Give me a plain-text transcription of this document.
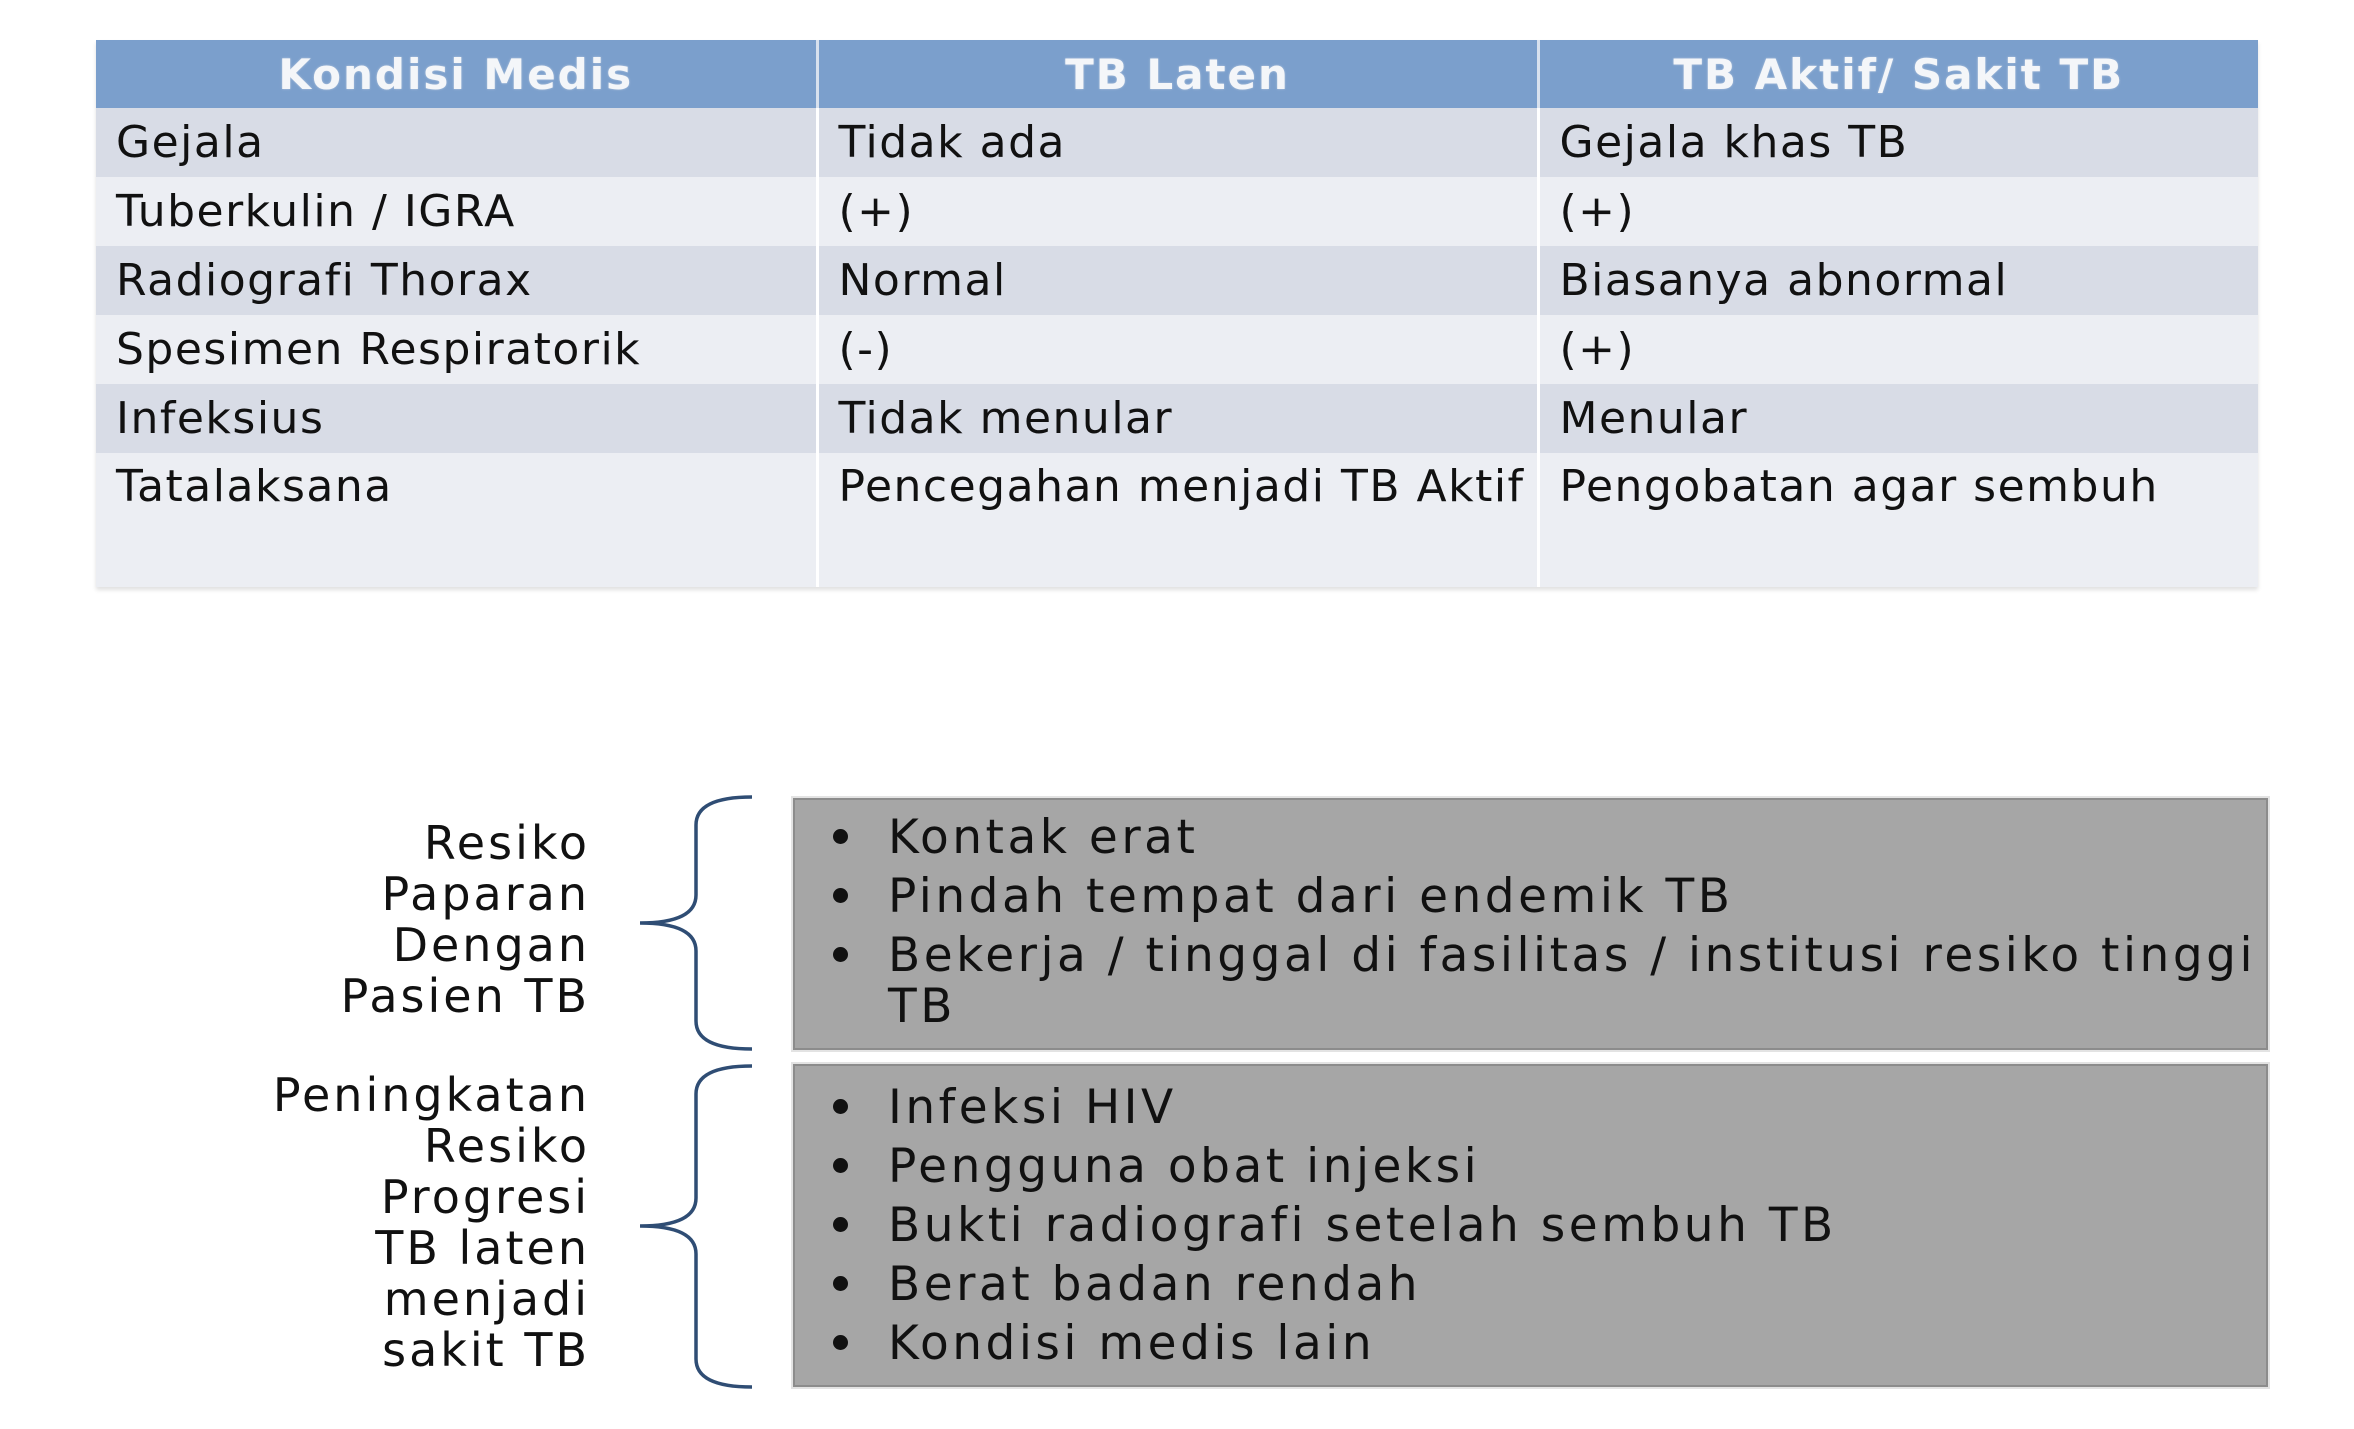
Kondisi Medis	TB Laten	TB Aktif/ Sakit TB
Gejala	Tidak ada	Gejala khas TB
Tuberkulin / IGRA	(+)	(+)
Radiografi Thorax	Normal	Biasanya abnormal
Spesimen Respiratorik	(-)	(+)
Infeksius	Tidak menular	Menular
Tatalaksana	Pencegahan menjadi TB Aktif	Pengobatan agar sembuh
Resiko
Paparan
Dengan
Pasien TB
Kontak erat
Pindah tempat dari endemik TB
Bekerja / tinggal di fasilitas / institusi resiko tinggi TB
Peningkatan
Resiko
Progresi
TB laten
menjadi
sakit TB
Infeksi HIV
Pengguna obat injeksi
Bukti radiografi setelah sembuh TB
Berat badan rendah
Kondisi medis lain
